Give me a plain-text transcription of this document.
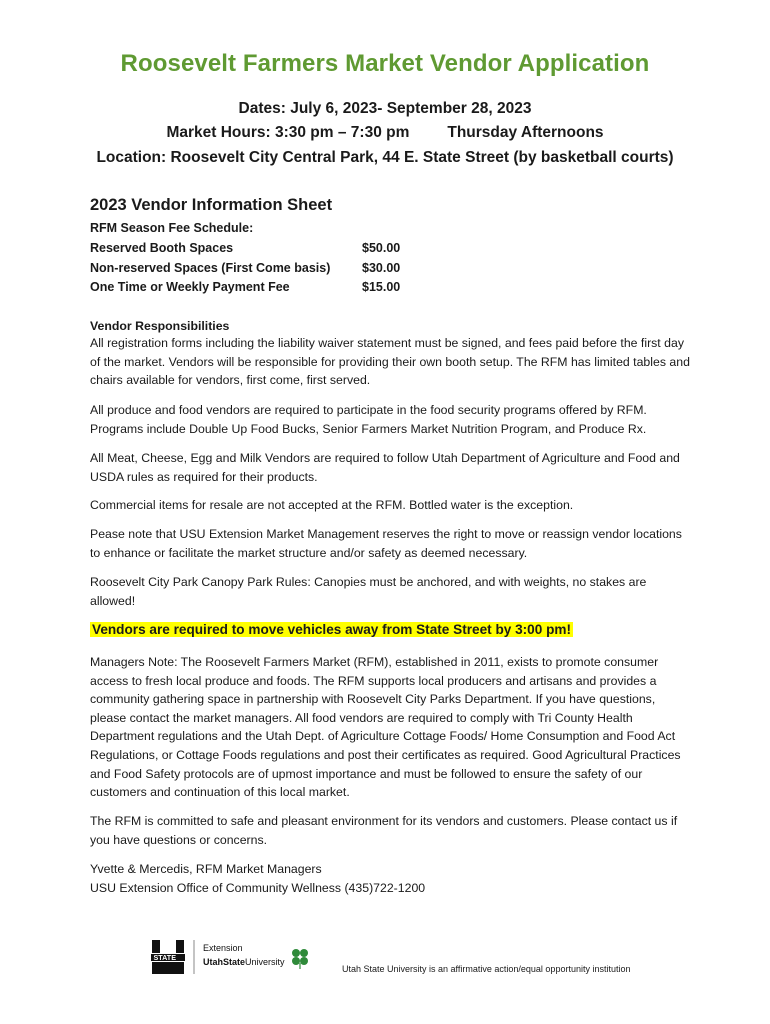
Roosevelt Farmers Market Vendor Application
Dates: July 6, 2023- September 28, 2023
Market Hours: 3:30 pm – 7:30 pm Thursday Afternoons
Location: Roosevelt City Central Park, 44 E. State Street (by basketball courts)
2023 Vendor Information Sheet
RFM Season Fee Schedule:
Reserved Booth Spaces	$50.00
Non-reserved Spaces (First Come basis)	$30.00
One Time or Weekly Payment Fee	$15.00
Vendor Responsibilities

All registration forms including the liability waiver statement must be signed, and fees paid before the first day of the market. Vendors will be responsible for providing their own booth setup. The RFM has limited tables and chairs available for vendors, first come, first served.

All produce and food vendors are required to participate in the food security programs offered by RFM. Programs include Double Up Food Bucks, Senior Farmers Market Nutrition Program, and Produce Rx.

All Meat, Cheese, Egg and Milk Vendors are required to follow Utah Department of Agriculture and Food and USDA rules as required for their products.

Commercial items for resale are not accepted at the RFM. Bottled water is the exception.

Pease note that USU Extension Market Management reserves the right to move or reassign vendor locations to enhance or facilitate the market structure and/or safety as deemed necessary.

Roosevelt City Park Canopy Park Rules: Canopies must be anchored, and with weights, no stakes are allowed!

Vendors are required to move vehicles away from State Street by 3:00 pm!

Managers Note: The Roosevelt Farmers Market (RFM), established in 2011, exists to promote consumer access to fresh local produce and foods. The RFM supports local producers and artisans and provides a community gathering space in partnership with Roosevelt City Parks Department. If you have questions, please contact the market managers. All food vendors are required to comply with Tri County Health Department regulations and the Utah Dept. of Agriculture Cottage Foods/ Home Consumption and Food Act Regulations, or Cottage Foods regulations and post their certificates as required. Good Agricultural Practices and Food Safety protocols are of upmost importance and must be followed to ensure the safety of our customers and continuation of this local market.

The RFM is committed to safe and pleasant environment for its vendors and customers. Please contact us if you have questions or concerns.

Yvette & Mercedis, RFM Market Managers

USU Extension Office of Community Wellness (435)722-1200

STATE
Extension
UtahStateUniversity
Utah State University is an affirmative action/equal opportunity institution
